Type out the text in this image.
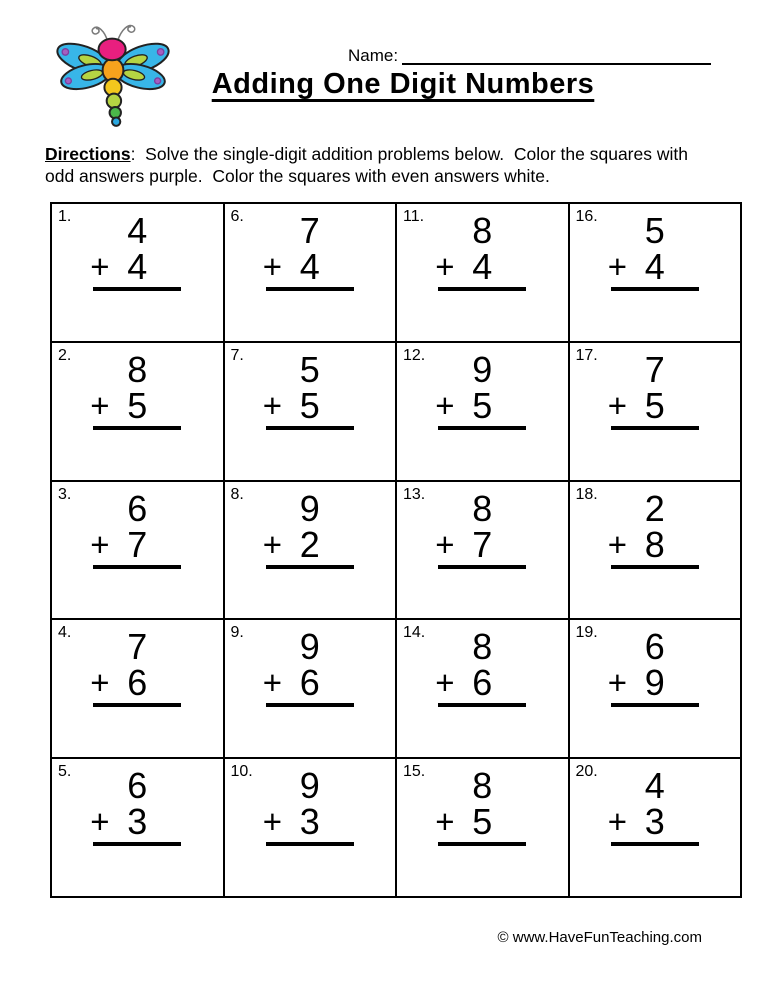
Name:
Adding One Digit Numbers
Directions:  Solve the single-digit addition problems below.  Color the squares with odd answers purple.  Color the squares with even answers white.
1.	4
+ 4
6.	7
+ 4
11.	8
+ 4
16.	5
+ 4
2.	8
+ 5
7.	5
+ 5
12.	9
+ 5
17.	7
+ 5
3.	6
+ 7
8.	9
+ 2
13.	8
+ 7
18.	2
+ 8
4.	7
+ 6
9.	9
+ 6
14.	8
+ 6
19.	6
+ 9
5.	6
+ 3
10.	9
+ 3
15.	8
+ 5
20.	4
+ 3
© www.HaveFunTeaching.com
